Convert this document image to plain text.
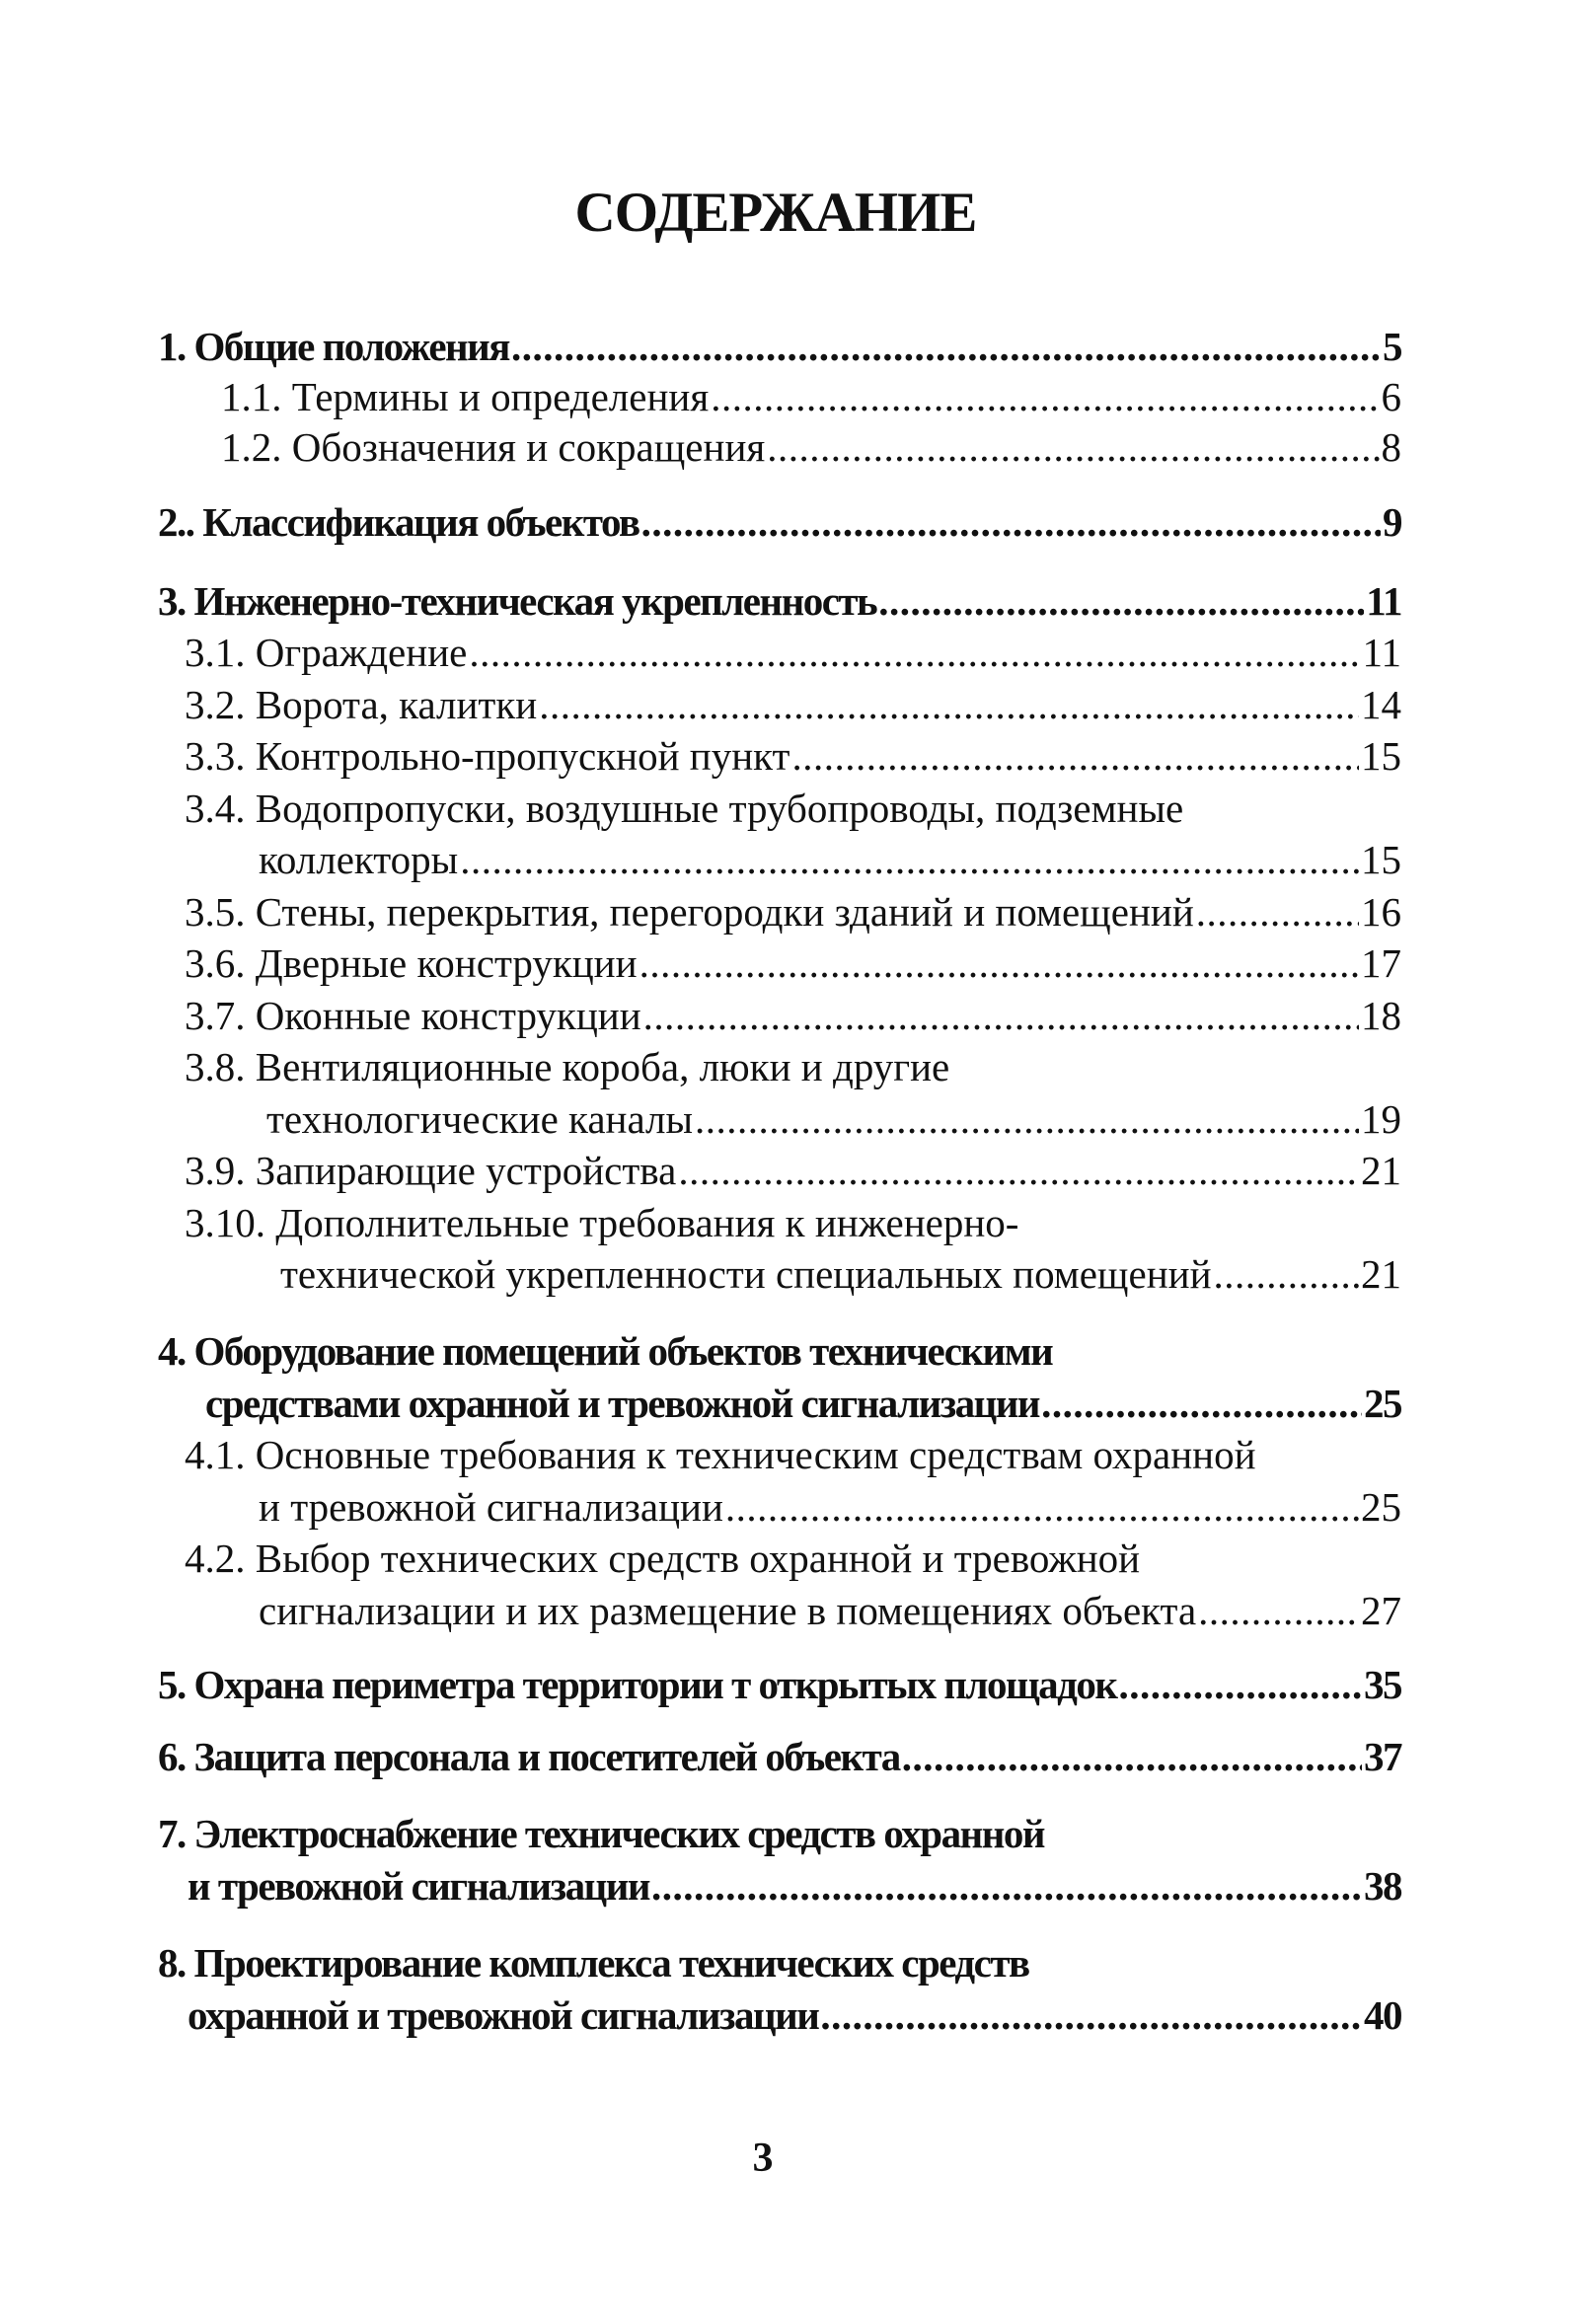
СОДЕРЖАНИЕ
1. Общие положения .....	5
1.1. Термины и определения .....	6
1.2. Обозначения и сокращения .....	8
2.. Классификация объектов .....	9
3. Инженерно-техническая укрепленность .....	11
3.1. Ограждение .....	11
3.2. Ворота, калитки .....	14
3.3. Контрольно-пропускной пункт .....	15
3.4. Водопропуски, воздушные трубопроводы, подземные
коллекторы .....	15
3.5. Стены, перекрытия, перегородки зданий и помещений .....	16
3.6. Дверные конструкции .....	17
3.7. Оконные конструкции .....	18
3.8. Вентиляционные короба, люки и другие
технологические каналы .....	19
3.9. Запирающие устройства .....	21
3.10. Дополнительные требования к инженерно-
технической укрепленности специальных помещений .....	21
4. Оборудование помещений объектов техническими
средствами охранной и тревожной сигнализации .....	25
4.1. Основные требования к техническим средствам охранной
и тревожной сигнализации .....	25
4.2. Выбор технических средств охранной и тревожной
сигнализации и их размещение в помещениях объекта .....	27
5. Охрана периметра территории т открытых площадок .....	35
6. Защита персонала и посетителей объекта .....	37
7. Электроснабжение технических средств охранной
и тревожной сигнализации .....	38
8. Проектирование комплекса технических средств
охранной и тревожной сигнализации .....	40
3
